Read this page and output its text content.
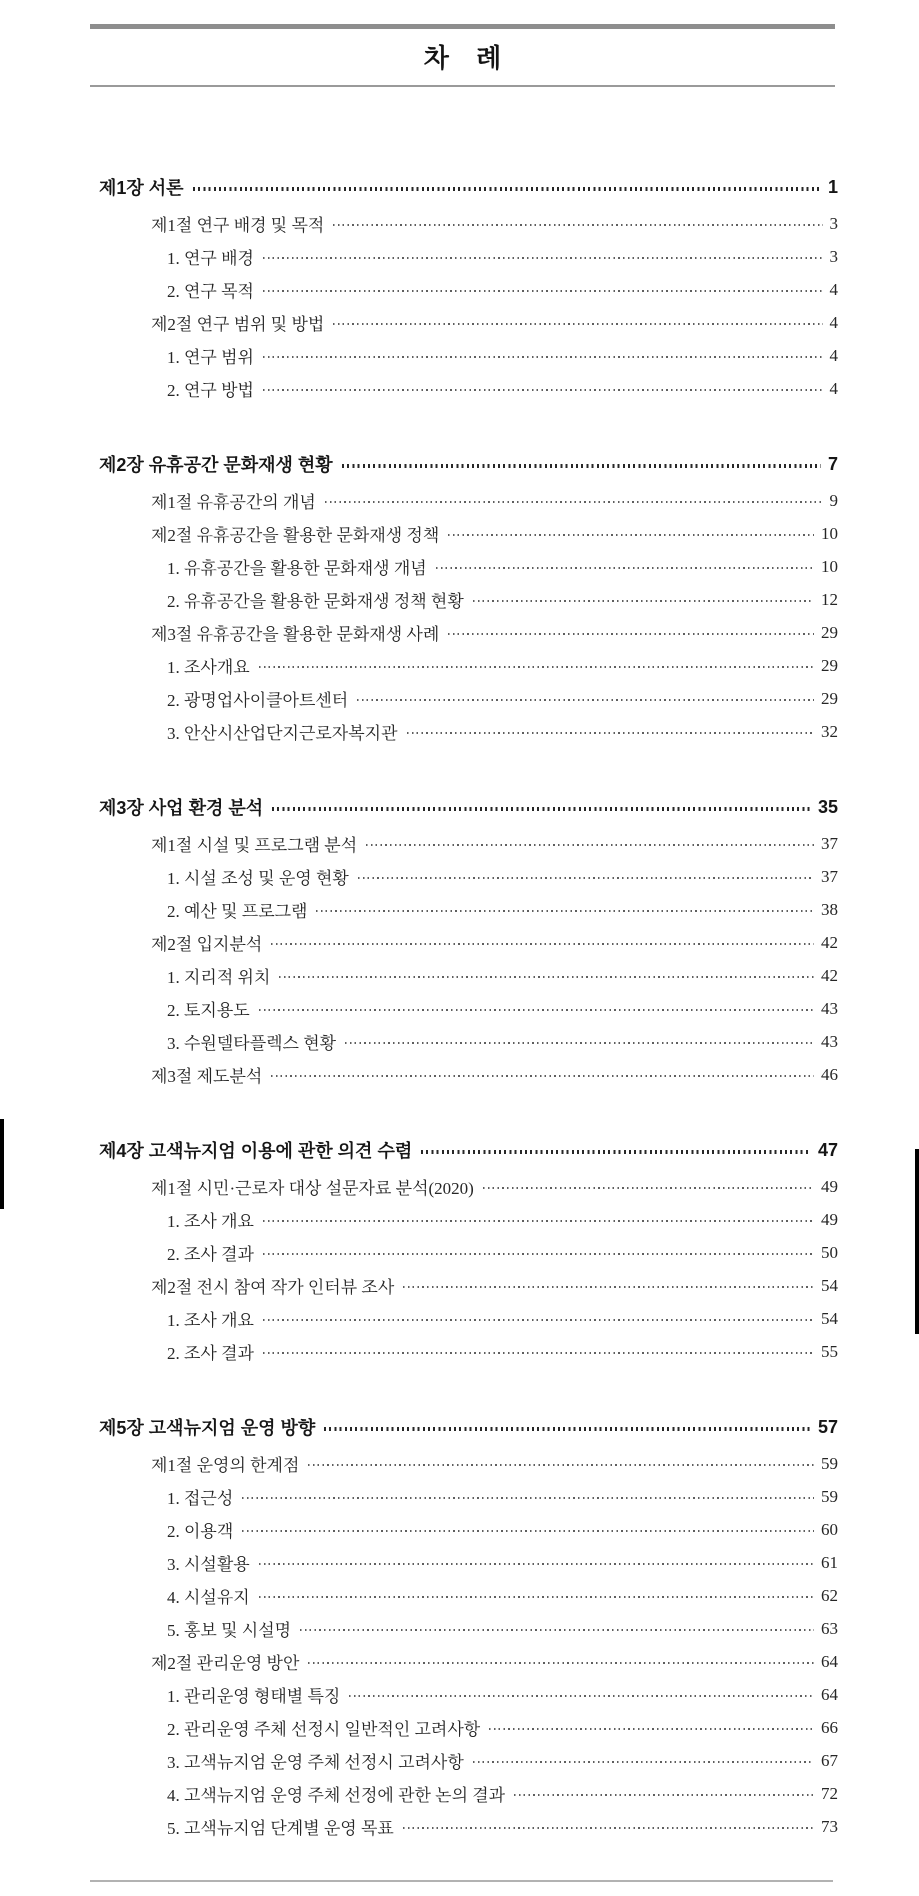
차 례
제1장 서론	1
제1절 연구 배경 및 목적	3
1. 연구 배경	3
2. 연구 목적	4
제2절 연구 범위 및 방법	4
1. 연구 범위	4
2. 연구 방법	4
제2장 유휴공간 문화재생 현황	7
제1절 유휴공간의 개념	9
제2절 유휴공간을 활용한 문화재생 정책	10
1. 유휴공간을 활용한 문화재생 개념	10
2. 유휴공간을 활용한 문화재생 정책 현황	12
제3절 유휴공간을 활용한 문화재생 사례	29
1. 조사개요	29
2. 광명업사이클아트센터	29
3. 안산시산업단지근로자복지관	32
제3장 사업 환경 분석	35
제1절 시설 및 프로그램 분석	37
1. 시설 조성 및 운영 현황	37
2. 예산 및 프로그램	38
제2절 입지분석	42
1. 지리적 위치	42
2. 토지용도	43
3. 수원델타플렉스 현황	43
제3절 제도분석	46
제4장 고색뉴지엄 이용에 관한 의견 수렴	47
제1절 시민·근로자 대상 설문자료 분석(2020)	49
1. 조사 개요	49
2. 조사 결과	50
제2절 전시 참여 작가 인터뷰 조사	54
1. 조사 개요	54
2. 조사 결과	55
제5장 고색뉴지엄 운영 방향	57
제1절 운영의 한계점	59
1. 접근성	59
2. 이용객	60
3. 시설활용	61
4. 시설유지	62
5. 홍보 및 시설명	63
제2절 관리운영 방안	64
1. 관리운영 형태별 특징	64
2. 관리운영 주체 선정시 일반적인 고려사항	66
3. 고색뉴지엄 운영 주체 선정시 고려사항	67
4. 고색뉴지엄 운영 주체 선정에 관한 논의 결과	72
5. 고색뉴지엄 단계별 운영 목표	73
